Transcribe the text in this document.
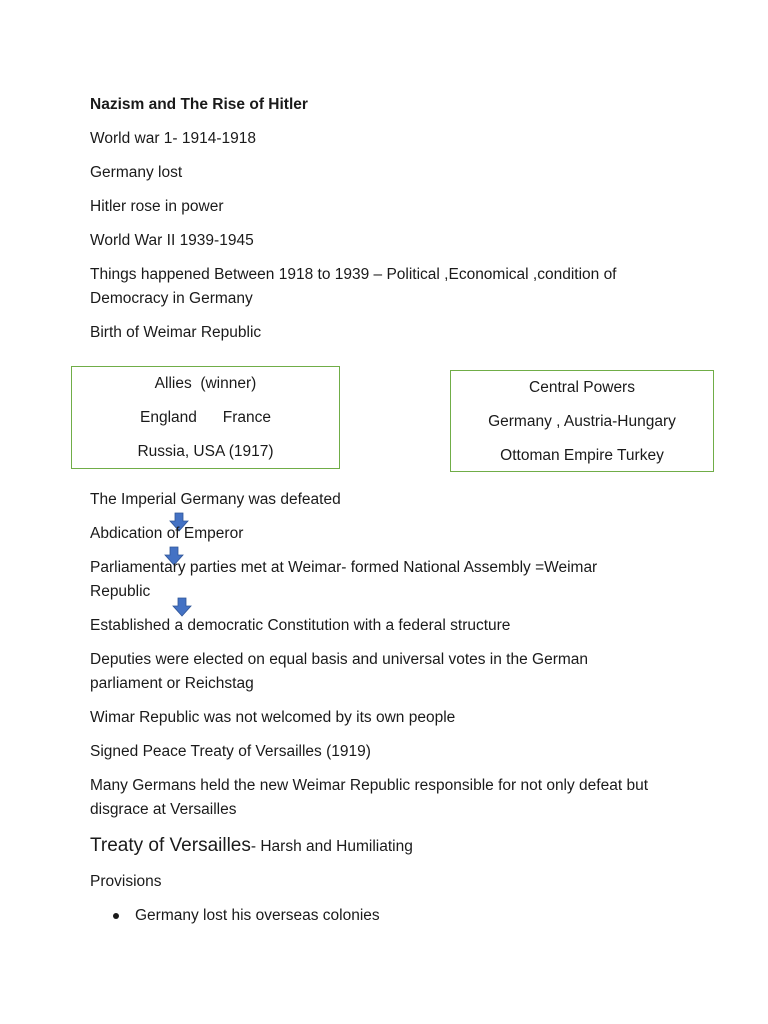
Nazism and The Rise of Hitler
World war 1- 1914-1918
Germany lost
Hitler rose in power
World War II 1939-1945
Things happened Between 1918 to 1939 – Political ,Economical ,condition of
Democracy in Germany
Birth of Weimar Republic
Allies  (winner)
England      France
Russia, USA (1917)
Central Powers
Germany , Austria-Hungary
Ottoman Empire Turkey
The Imperial Germany was defeated
Abdication of Emperor
Parliamentary parties met at Weimar- formed National Assembly =Weimar
Republic
Established a democratic Constitution with a federal structure
Deputies were elected on equal basis and universal votes in the German
parliament or Reichstag
Wimar Republic was not welcomed by its own people
Signed Peace Treaty of Versailles (1919)
Many Germans held the new Weimar Republic responsible for not only defeat but
disgrace at Versailles
Treaty of Versailles- Harsh and Humiliating
Provisions
Germany lost his overseas colonies
